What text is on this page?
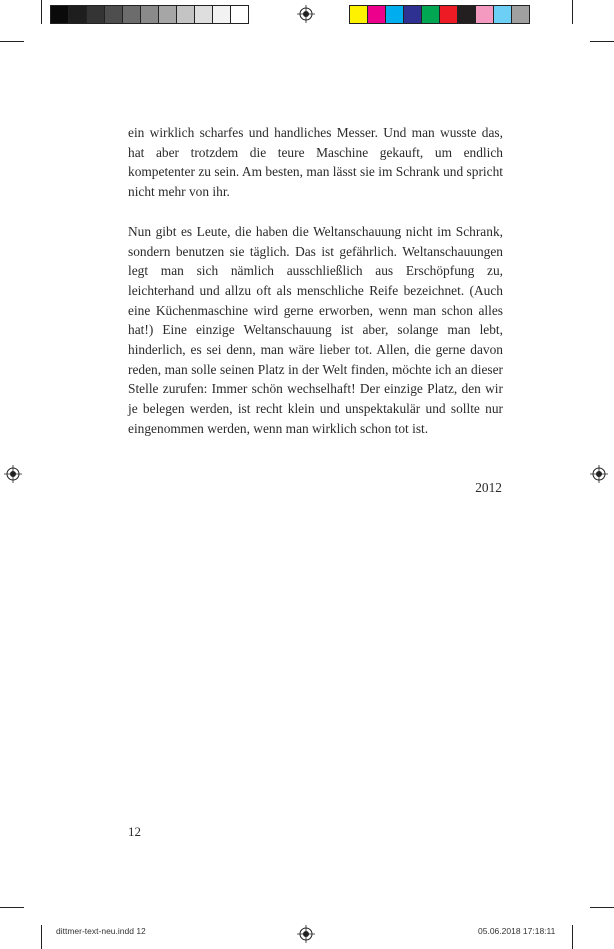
ein wirklich scharfes und handliches Messer. Und man wusste das, hat aber trotzdem die teure Maschine gekauft, um endlich kompetenter zu sein. Am besten, man lässt sie im Schrank und spricht nicht mehr von ihr.

Nun gibt es Leute, die haben die Weltanschauung nicht im Schrank, sondern benutzen sie täglich. Das ist gefährlich. Weltanschauungen legt man sich nämlich ausschließlich aus Erschöpfung zu, leichterhand und allzu oft als menschliche Reife bezeichnet. (Auch eine Küchenmaschine wird gerne erworben, wenn man schon alles hat!) Eine einzige Weltanschauung ist aber, solange man lebt, hinderlich, es sei denn, man wäre lieber tot. Allen, die gerne davon reden, man solle seinen Platz in der Welt finden, möchte ich an dieser Stelle zurufen: Immer schön wechselhaft! Der einzige Platz, den wir je belegen werden, ist recht klein und unspektakulär und sollte nur eingenommen werden, wenn man wirklich schon tot ist.

2012
12
dittmer-text-neu.indd 12	05.06.2018 17:18:11
